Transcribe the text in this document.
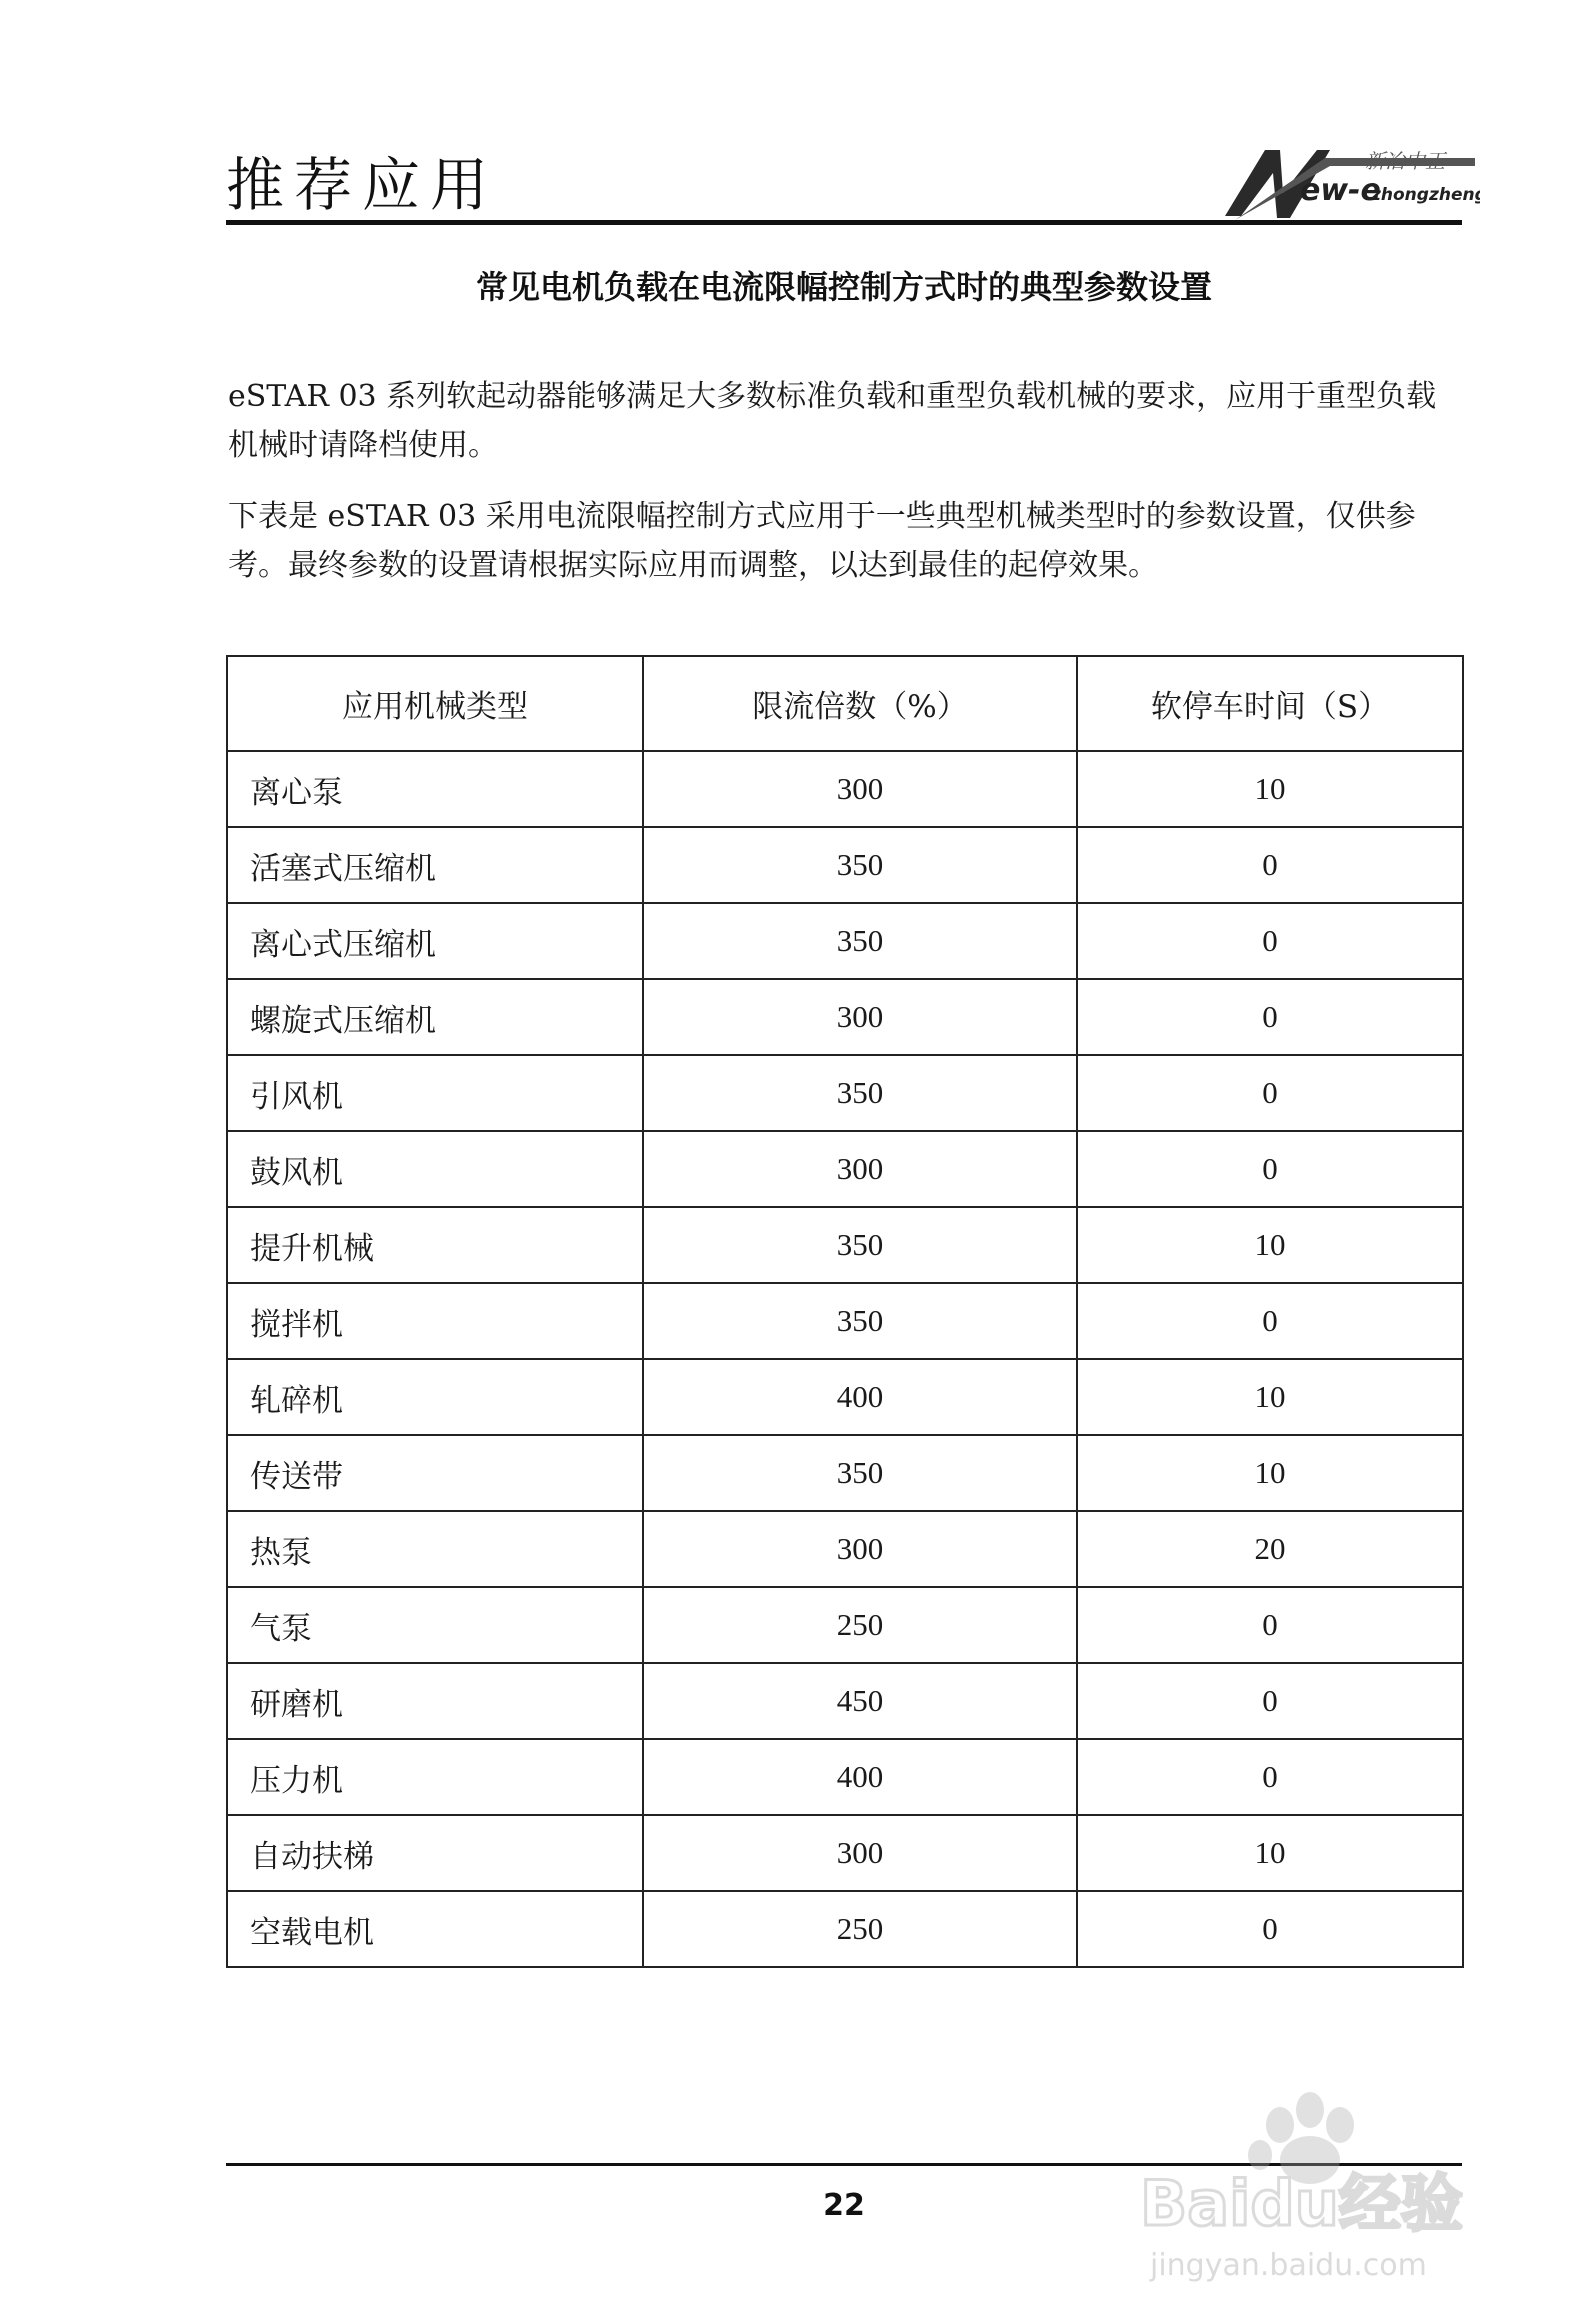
推荐应用	新冶中正
ew-e
zhongzheng
常见电机负载在电流限幅控制方式时的典型参数设置
eSTAR 03 系列软起动器能够满足大多数标准负载和重型负载机械的要求，应用于重型负载机械时请降档使用。
下表是 eSTAR 03 采用电流限幅控制方式应用于一些典型机械类型时的参数设置，仅供参考。最终参数的设置请根据实际应用而调整，以达到最佳的起停效果。
应用机械类型	限流倍数（%）	软停车时间（S）
离心泵	300	10
活塞式压缩机	350	0
离心式压缩机	350	0
螺旋式压缩机	300	0
引风机	350	0
鼓风机	300	0
提升机械	350	10
搅拌机	350	0
轧碎机	400	10
传送带	350	10
热泵	300	20
气泵	250	0
研磨机	450	0
压力机	400	0
自动扶梯	300	10
空载电机	250	0
22	Baidu经验
jingyan.baidu.com
